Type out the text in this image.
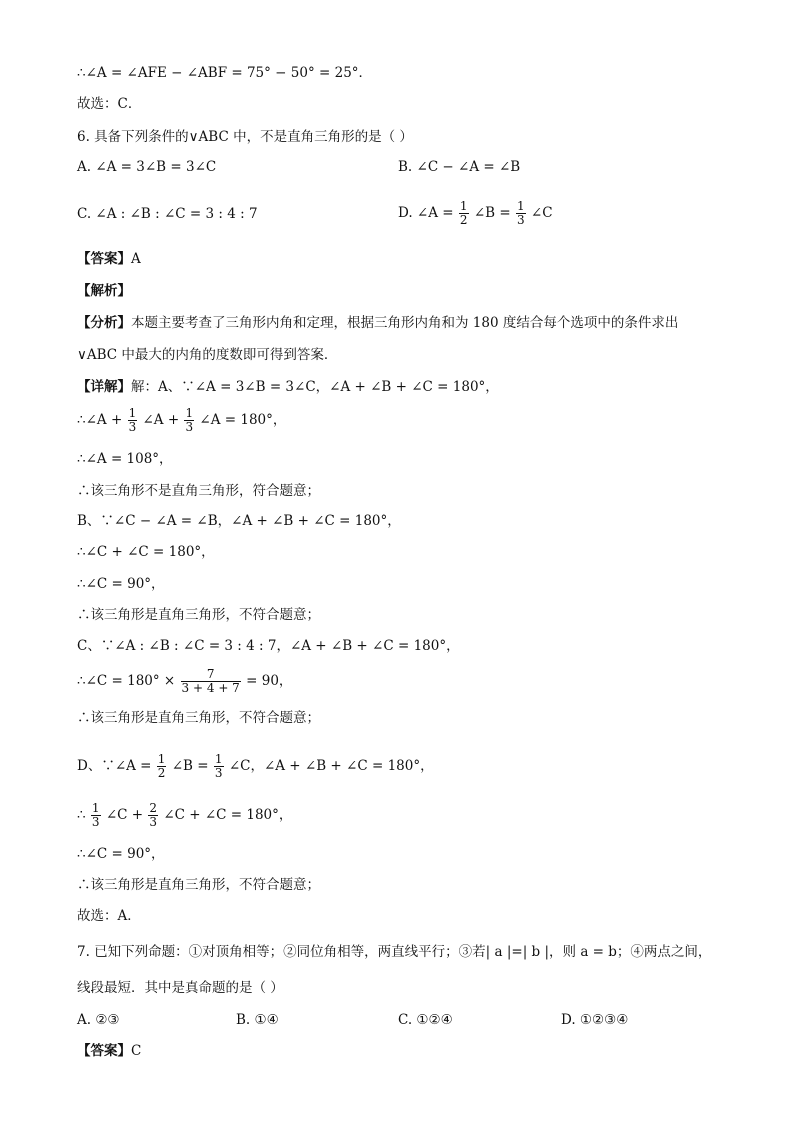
∴∠A = ∠AFE − ∠ABF = 75° − 50° = 25°．
故选：C．
6. 具备下列条件的∨ABC 中，不是直角三角形的是（ ）
A. ∠A = 3∠B = 3∠C	B. ∠C − ∠A = ∠B
C. ∠A : ∠B : ∠C = 3 : 4 : 7	D. ∠A = $\frac{1}{2}$ ∠B = $\frac{1}{3}$ ∠C
【答案】A
【解析】
【分析】本题主要考查了三角形内角和定理，根据三角形内角和为 180 度结合每个选项中的条件求出
∨ABC 中最大的内角的度数即可得到答案．
【详解】解：A、∵∠A = 3∠B = 3∠C，∠A + ∠B + ∠C = 180°，
∴∠A + $\frac{1}{3}$ ∠A + $\frac{1}{3}$ ∠A = 180°，
∴∠A = 108°，
∴该三角形不是直角三角形，符合题意；
B、∵∠C − ∠A = ∠B，∠A + ∠B + ∠C = 180°，
∴∠C + ∠C = 180°，
∴∠C = 90°，
∴该三角形是直角三角形，不符合题意；
C、∵∠A : ∠B : ∠C = 3 : 4 : 7，∠A + ∠B + ∠C = 180°，
∴∠C = $180^\circ \times \frac{7}{3 + 4 + 7} = 90$，
∴该三角形是直角三角形，不符合题意；
D、∵∠A = $\frac{1}{2}$ ∠B = $\frac{1}{3}$ ∠C，∠A + ∠B + ∠C = 180°，
∴ $\frac{1}{3}$ ∠C + $\frac{2}{3}$ ∠C + ∠C = 180°，
∴∠C = 90°，
∴该三角形是直角三角形，不符合题意；
故选：A．
7. 已知下列命题：①对顶角相等；②同位角相等，两直线平行；③若| a |=| b |，则 a = b；④两点之间，
线段最短．其中是真命题的是（ ）
A. ②③	B. ①④	C. ①②④	D. ①②③④
【答案】C
